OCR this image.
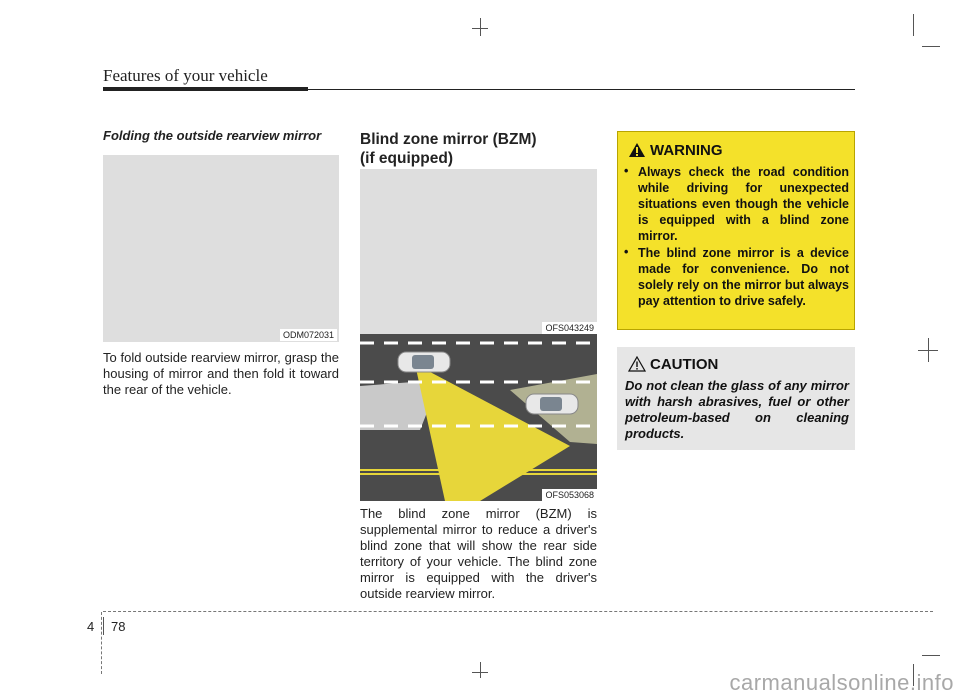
Features of your vehicle
Folding the outside rearview mirror
ODM072031
To fold outside rearview mirror, grasp the housing of mirror and then fold it toward the rear of the vehicle.
Blind zone mirror (BZM)
(if equipped)
OFS043249
OFS053068
The blind zone mirror (BZM) is supplemental mirror to reduce a driver's blind zone that will show the rear side territory of your vehicle. The blind zone mirror is equipped with the driver's outside rearview mirror.
WARNING
• Always check the road condition while driving for unexpected situations even though the vehicle is equipped with a blind zone mirror.
• The blind zone mirror is a device made for convenience. Do not solely rely on the mirror but always pay attention to drive safely.
CAUTION
Do not clean the glass of any mirror with harsh abrasives, fuel or other petroleum-based on cleaning products.
4 78
carmanualsonline.info
